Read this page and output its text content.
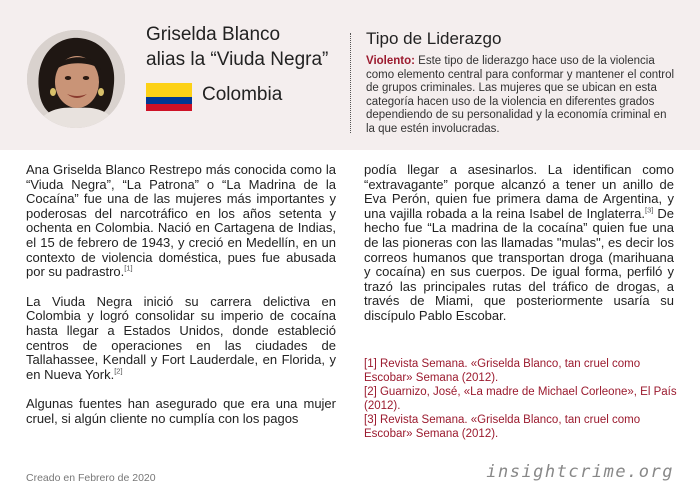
Griselda Blanco
alias la “Viuda Negra”
Colombia
Tipo de Liderazgo
Violento: Este tipo de liderazgo hace uso de la violencia como elemento central para conformar y mantener el control de grupos criminales. Las mujeres que se ubican en esta categoría hacen uso de la violencia en diferentes grados dependiendo de su personalidad y la economía criminal en la que estén involucradas.

Ana Griselda Blanco Restrepo más conocida como la “Viuda Negra”, “La Patrona” o “La Madrina de la Cocaína” fue una de las mujeres más importantes y poderosas del narcotráfico en los años setenta y ochenta en Colombia. Nació en Cartagena de Indias, el 15 de febrero de 1943, y creció en Medellín, en un contexto de violencia doméstica, pues fue abusada por su padrastro.[1]

La Viuda Negra inició su carrera delictiva en Colombia y logró consolidar su imperio de cocaína hasta llegar a Estados Unidos, donde estableció centros de operaciones en las ciudades de Tallahassee, Kendall y Fort Lauderdale, en Florida, y en Nueva York.[2]

Algunas fuentes han asegurado que era una mujer cruel, si algún cliente no cumplía con los pagos

podía llegar a asesinarlos. La identifican como “extravagante” porque alcanzó a tener un anillo de Eva Perón, quien fue primera dama de Argentina, y una vajilla robada a la reina Isabel de Inglaterra.[3] De hecho fue “La madrina de la cocaína” quien fue una de las pioneras con las llamadas "mulas", es decir los correos humanos que transportan droga (marihuana y cocaína) en sus cuerpos. De igual forma, perfiló y trazó las principales rutas del tráfico de drogas, a través de Miami, que posteriormente usaría su discípulo Pablo Escobar.

[1] Revista Semana. «Griselda Blanco, tan cruel como Escobar» Semana (2012).
[2] Guarnizo, José, «La madre de Michael Corleone», El País (2012).
[3] Revista Semana. «Griselda Blanco, tan cruel como Escobar» Semana (2012).
Creado en Febrero de 2020	insightcrime.org
